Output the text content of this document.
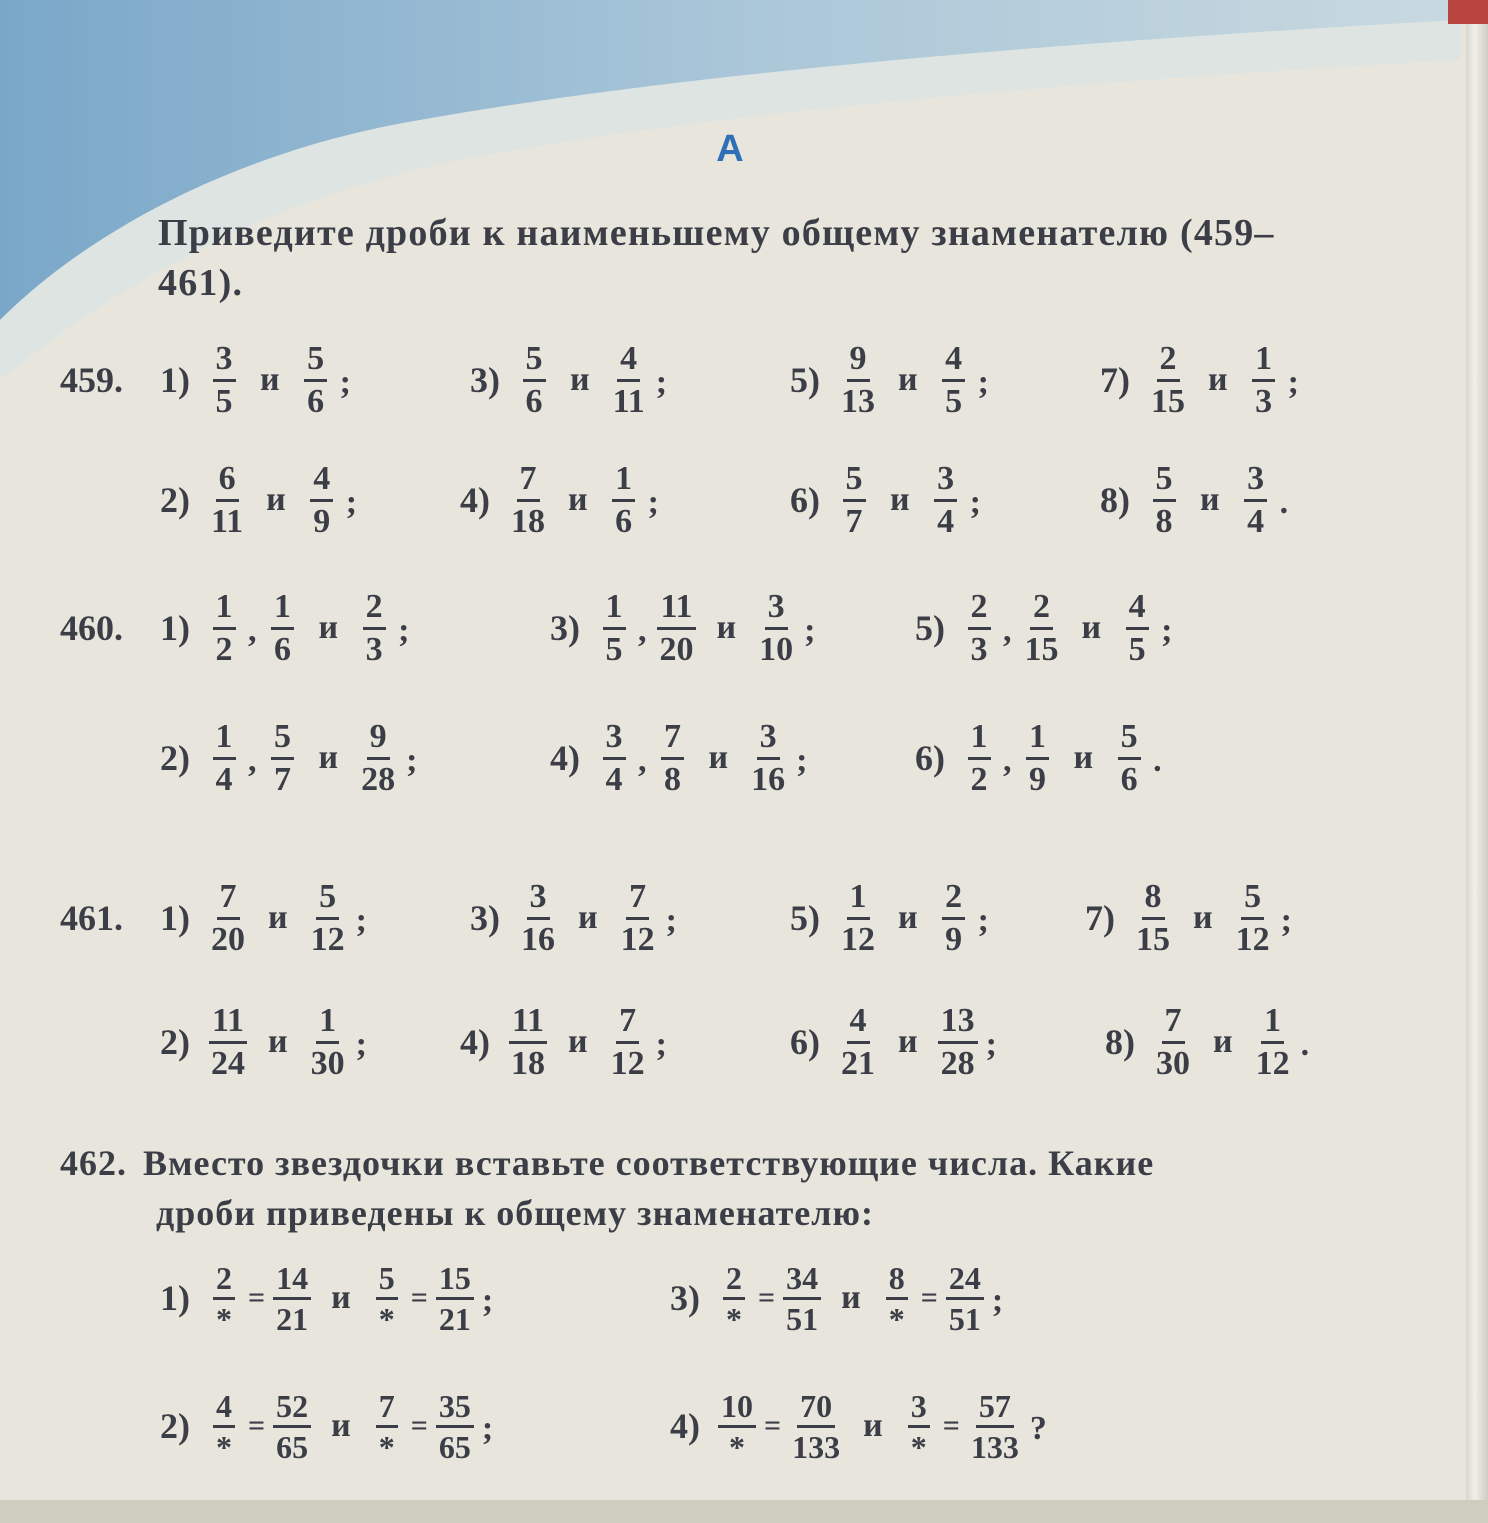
А
Приведите дроби к наименьшему общему знаменателю (459–
461).
459. $1) \frac{3}{5}$ и $\frac{5}{6}$ ;	$3) \frac{5}{6}$ и $\frac{4}{11}$ ;	$5) \frac{9}{13}$ и $\frac{4}{5}$ ;	$7) \frac{2}{15}$ и $\frac{1}{3}$ ;
$2) \frac{6}{11}$ и $\frac{4}{9}$ ;	$4) \frac{7}{18}$ и $\frac{1}{6}$ ;	$6) \frac{5}{7}$ и $\frac{3}{4}$ ;	$8) \frac{5}{8}$ и $\frac{3}{4}$ .
460. $1) \frac{1}{2}$ , $\frac{1}{6}$ и $\frac{2}{3}$ ;	$3) \frac{1}{5}$ , $\frac{11}{20}$ и $\frac{3}{10}$ ;	$5) \frac{2}{3}$ , $\frac{2}{15}$ и $\frac{4}{5}$ ;
$2) \frac{1}{4}$ , $\frac{5}{7}$ и $\frac{9}{28}$ ;	$4) \frac{3}{4}$ , $\frac{7}{8}$ и $\frac{3}{16}$ ;	$6) \frac{1}{2}$ , $\frac{1}{9}$ и $\frac{5}{6}$ .
461. $1) \frac{7}{20}$ и $\frac{5}{12}$ ;	$3) \frac{3}{16}$ и $\frac{7}{12}$ ;	$5) \frac{1}{12}$ и $\frac{2}{9}$ ;	$7) \frac{8}{15}$ и $\frac{5}{12}$ ;
$2) \frac{11}{24}$ и $\frac{1}{30}$ ;	$4) \frac{11}{18}$ и $\frac{7}{12}$ ;	$6) \frac{4}{21}$ и $\frac{13}{28}$ ;	$8) \frac{7}{30}$ и $\frac{1}{12}$ .
462. Вместо звездочки вставьте соответствующие числа. Какие
дроби приведены к общему знаменателю:
$1) \frac{2}{*} = \frac{14}{21}$ и $\frac{5}{*} = \frac{15}{21}$ ;	$3) \frac{2}{*} = \frac{34}{51}$ и $\frac{8}{*} = \frac{24}{51}$ ;
$2) \frac{4}{*} = \frac{52}{65}$ и $\frac{7}{*} = \frac{35}{65}$ ;	$4) \frac{10}{*} = \frac{70}{133}$ и $\frac{3}{*} = \frac{57}{133}$ ?
